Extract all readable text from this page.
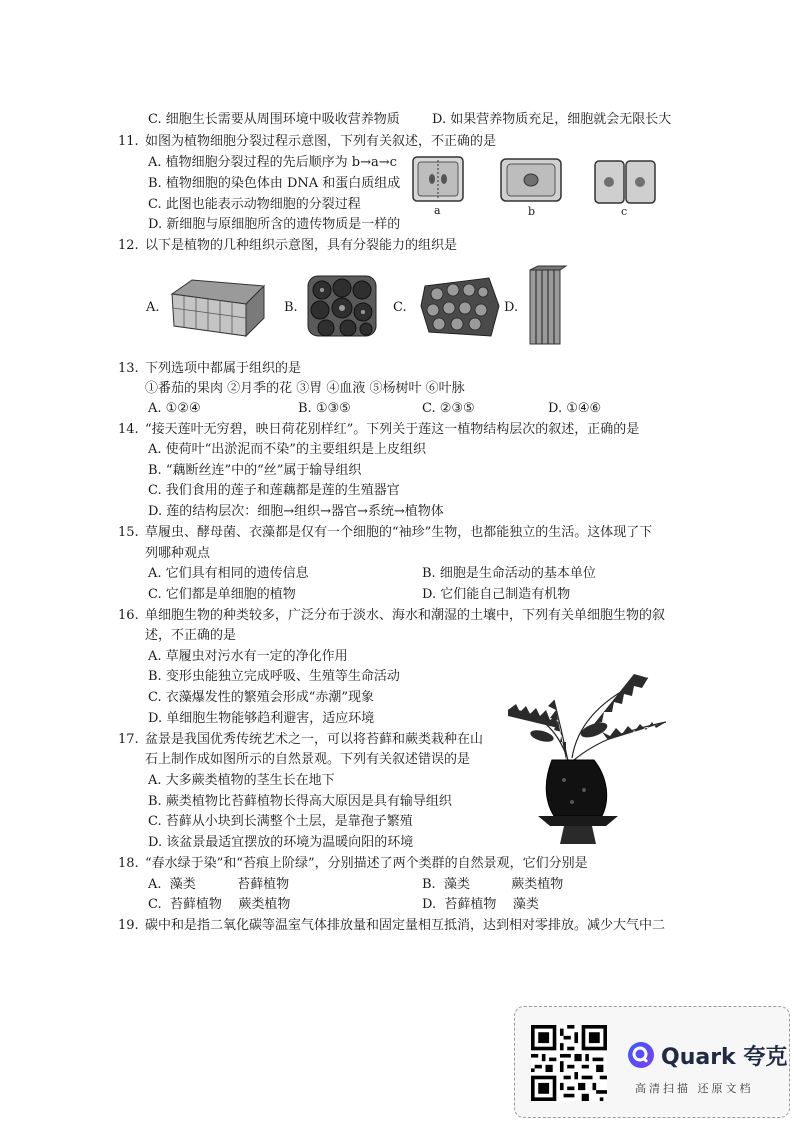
C. 细胞生长需要从周围环境中吸收营养物质 D. 如果营养物质充足，细胞就会无限长大
11. 如图为植物细胞分裂过程示意图，下列有关叙述，不正确的是
A. 植物细胞分裂过程的先后顺序为 b→a→c
B. 植物细胞的染色体由 DNA 和蛋白质组成
C. 此图也能表示动物细胞的分裂过程
D. 新细胞与原细胞所含的遗传物质是一样的
a	b	c
12. 以下是植物的几种组织示意图，具有分裂能力的组织是
A.	B.	C.	D.
13. 下列选项中都属于组织的是
①番茄的果肉 ②月季的花 ③胃 ④血液 ⑤杨树叶 ⑥叶脉
A. ①②④	B. ①③⑤	C. ②③⑤	D. ①④⑥
14. “接天莲叶无穷碧，映日荷花别样红”。下列关于莲这一植物结构层次的叙述，正确的是
A. 使荷叶“出淤泥而不染”的主要组织是上皮组织
B. “藕断丝连”中的“丝”属于输导组织
C. 我们食用的莲子和莲藕都是莲的生殖器官
D. 莲的结构层次：细胞→组织→器官→系统→植物体
15. 草履虫、酵母菌、衣藻都是仅有一个细胞的“袖珍”生物，也都能独立的生活。这体现了下
列哪种观点
A. 它们具有相同的遗传信息	B. 细胞是生命活动的基本单位
C. 它们都是单细胞的植物	D. 它们能自己制造有机物
16. 单细胞生物的种类较多，广泛分布于淡水、海水和潮湿的土壤中，下列有关单细胞生物的叙
述，不正确的是
A. 草履虫对污水有一定的净化作用
B. 变形虫能独立完成呼吸、生殖等生命活动
C. 衣藻爆发性的繁殖会形成“赤潮”现象
D. 单细胞生物能够趋利避害，适应环境
17. 盆景是我国优秀传统艺术之一，可以将苔藓和蕨类栽种在山
石上制作成如图所示的自然景观。下列有关叙述错误的是
A. 大多蕨类植物的茎生长在地下
B. 蕨类植物比苔藓植物长得高大原因是具有输导组织
C. 苔藓从小块到长满整个土层，是靠孢子繁殖
D. 该盆景最适宜摆放的环境为温暖向阳的环境
18. “春水绿于染”和“苔痕上阶绿”，分别描述了两个类群的自然景观，它们分别是
A.  藻类          苔藓植物	B.  藻类          蕨类植物
C.  苔藓植物    蕨类植物	D.  苔藓植物    藻类
19. 碳中和是指二氧化碳等温室气体排放量和固定量相互抵消，达到相对零排放。减少大气中二
Quark 夸克
高清扫描 还原文档
